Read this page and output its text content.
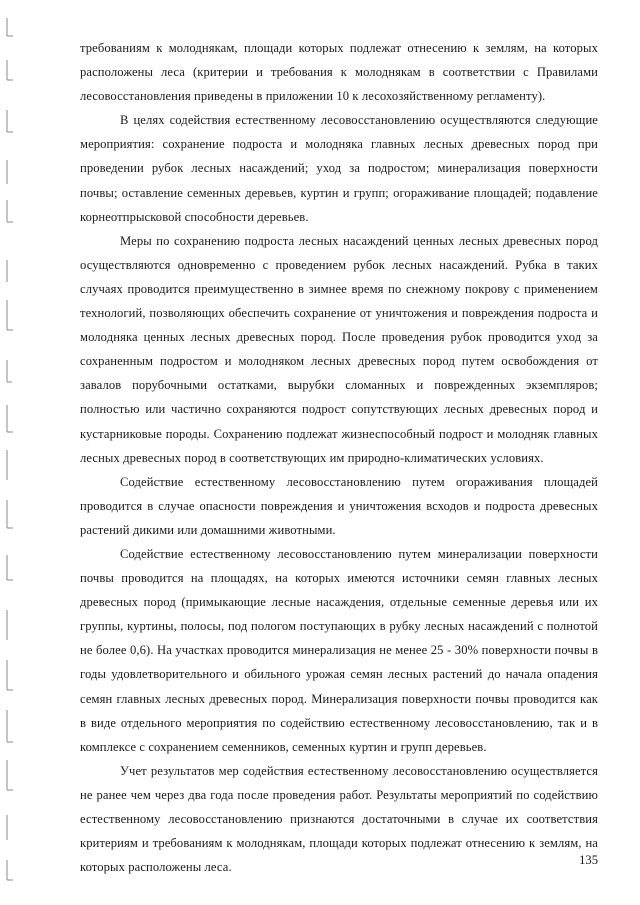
требованиям к молоднякам, площади которых подлежат отнесению к землям, на которых расположены леса (критерии и требования к молоднякам в соответствии с Правилами лесовосстановления приведены в приложении 10 к лесохозяйственному регламенту).

В целях содействия естественному лесовосстановлению осуществляются следующие мероприятия: сохранение подроста и молодняка главных лесных древесных пород при проведении рубок лесных насаждений; уход за подростом; минерализация поверхности почвы; оставление семенных деревьев, куртин и групп; огораживание площадей; подавление корнеотпрысковой способности деревьев.

Меры по сохранению подроста лесных насаждений ценных лесных древесных пород осуществляются одновременно с проведением рубок лесных насаждений. Рубка в таких случаях проводится преимущественно в зимнее время по снежному покрову с применением технологий, позволяющих обеспечить сохранение от уничтожения и повреждения подроста и молодняка ценных лесных древесных пород. После проведения рубок проводится уход за сохраненным подростом и молодняком лесных древесных пород путем освобождения от завалов порубочными остатками, вырубки сломанных и поврежденных экземпляров; полностью или частично сохраняются подрост сопутствующих лесных древесных пород и кустарниковые породы. Сохранению подлежат жизнеспособный подрост и молодняк главных лесных древесных пород в соответствующих им природно-климатических условиях.

Содействие естественному лесовосстановлению путем огораживания площадей проводится в случае опасности повреждения и уничтожения всходов и подроста древесных растений дикими или домашними животными.

Содействие естественному лесовосстановлению путем минерализации поверхности почвы проводится на площадях, на которых имеются источники семян главных лесных древесных пород (примыкающие лесные насаждения, отдельные семенные деревья или их группы, куртины, полосы, под пологом поступающих в рубку лесных насаждений с полнотой не более 0,6). На участках проводится минерализация не менее 25 - 30% поверхности почвы в годы удовлетворительного и обильного урожая семян лесных растений до начала опадения семян главных лесных древесных пород. Минерализация поверхности почвы проводится как в виде отдельного мероприятия по содействию естественному лесовосстановлению, так и в комплексе с сохранением семенников, семенных куртин и групп деревьев.

Учет результатов мер содействия естественному лесовосстановлению осуществляется не ранее чем через два года после проведения работ. Результаты мероприятий по содействию естественному лесовосстановлению признаются достаточными в случае их соответствия критериям и требованиям к молоднякам, площади которых подлежат отнесению к землям, на которых расположены леса.

135
